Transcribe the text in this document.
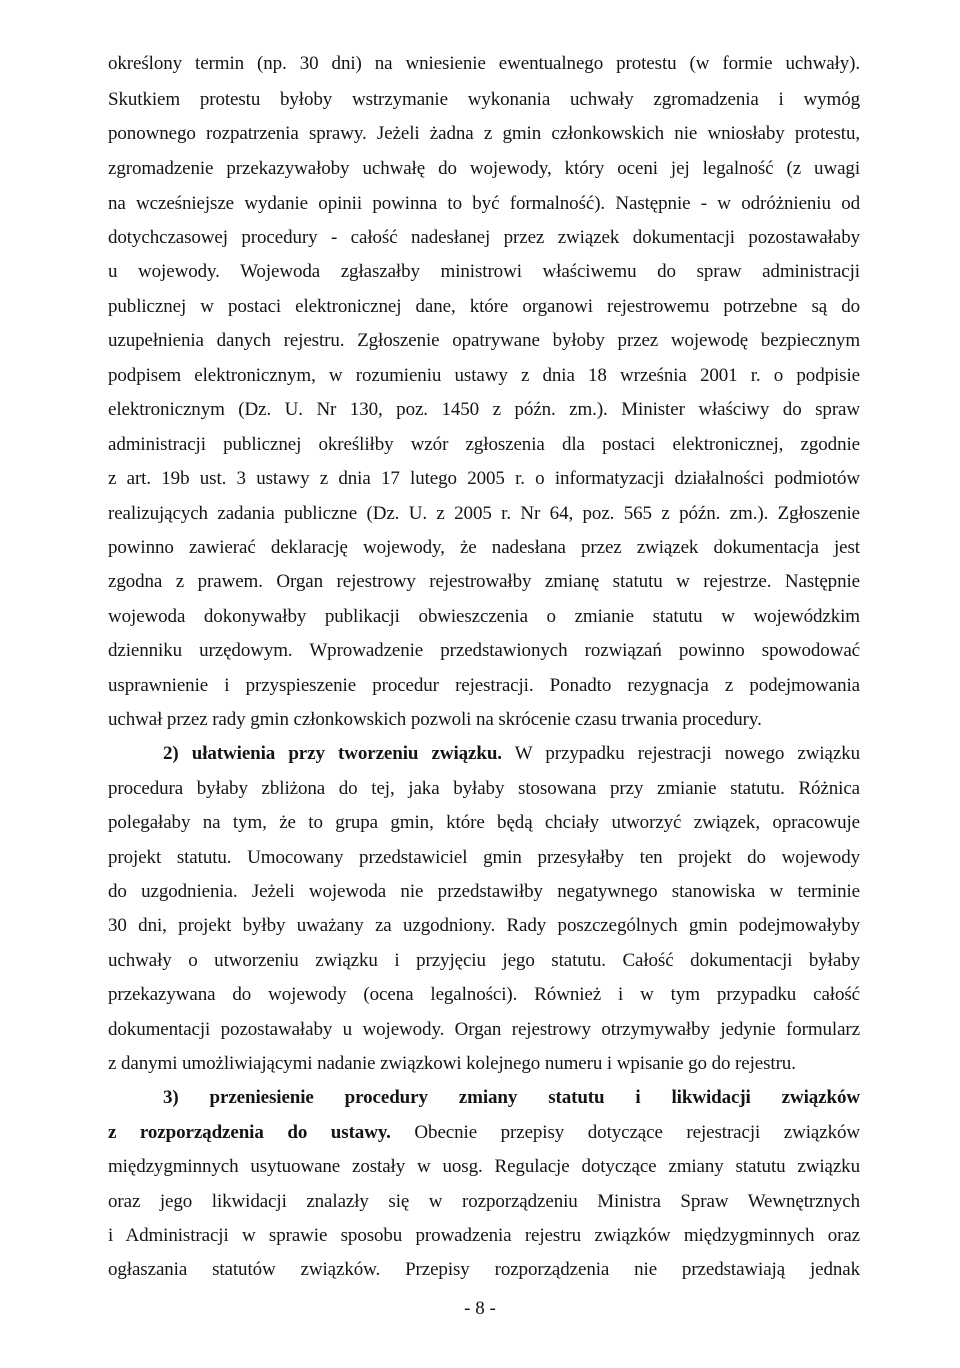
określony termin (np. 30 dni) na wniesienie ewentualnego protestu (w formie uchwały).
Skutkiem protestu byłoby wstrzymanie wykonania uchwały zgromadzenia i wymóg
ponownego rozpatrzenia sprawy. Jeżeli żadna z gmin członkowskich nie wniosłaby protestu,
zgromadzenie przekazywałoby uchwałę do wojewody, który oceni jej legalność (z uwagi
na wcześniejsze wydanie opinii powinna to być formalność). Następnie - w odróżnieniu od
dotychczasowej procedury - całość nadesłanej przez związek dokumentacji pozostawałaby
u wojewody. Wojewoda zgłaszałby ministrowi właściwemu do spraw administracji
publicznej w postaci elektronicznej dane, które organowi rejestrowemu potrzebne są do
uzupełnienia danych rejestru. Zgłoszenie opatrywane byłoby przez wojewodę bezpiecznym
podpisem elektronicznym, w rozumieniu ustawy z dnia 18 września 2001 r. o podpisie
elektronicznym (Dz. U. Nr 130, poz. 1450 z późn. zm.). Minister właściwy do spraw
administracji publicznej określiłby wzór zgłoszenia dla postaci elektronicznej, zgodnie
z art. 19b ust. 3 ustawy z dnia 17 lutego 2005 r. o informatyzacji działalności podmiotów
realizujących zadania publiczne (Dz. U. z 2005 r. Nr 64, poz. 565 z późn. zm.). Zgłoszenie
powinno zawierać deklarację wojewody, że nadesłana przez związek dokumentacja jest
zgodna z prawem. Organ rejestrowy rejestrowałby zmianę statutu w rejestrze. Następnie
wojewoda dokonywałby publikacji obwieszczenia o zmianie statutu w wojewódzkim
dzienniku urzędowym. Wprowadzenie przedstawionych rozwiązań powinno spowodować
usprawnienie i przyspieszenie procedur rejestracji. Ponadto rezygnacja z podejmowania
uchwał przez rady gmin członkowskich pozwoli na skrócenie czasu trwania procedury.
2) ułatwienia przy tworzeniu związku. W przypadku rejestracji nowego związku
procedura byłaby zbliżona do tej, jaka byłaby stosowana przy zmianie statutu. Różnica
polegałaby na tym, że to grupa gmin, które będą chciały utworzyć związek, opracowuje
projekt statutu. Umocowany przedstawiciel gmin przesyłałby ten projekt do wojewody
do uzgodnienia. Jeżeli wojewoda nie przedstawiłby negatywnego stanowiska w terminie
30 dni, projekt byłby uważany za uzgodniony. Rady poszczególnych gmin podejmowałyby
uchwały o utworzeniu związku i przyjęciu jego statutu. Całość dokumentacji byłaby
przekazywana do wojewody (ocena legalności). Również i w tym przypadku całość
dokumentacji pozostawałaby u wojewody. Organ rejestrowy otrzymywałby jedynie formularz
z danymi umożliwiającymi nadanie związkowi kolejnego numeru i wpisanie go do rejestru.
3) przeniesienie procedury zmiany statutu i likwidacji związków
z rozporządzenia do ustawy. Obecnie przepisy dotyczące rejestracji związków
międzygminnych usytuowane zostały w uosg. Regulacje dotyczące zmiany statutu związku
oraz jego likwidacji znalazły się w rozporządzeniu Ministra Spraw Wewnętrznych
i Administracji w sprawie sposobu prowadzenia rejestru związków międzygminnych oraz
ogłaszania statutów związków. Przepisy rozporządzenia nie przedstawiają jednak
- 8 -
